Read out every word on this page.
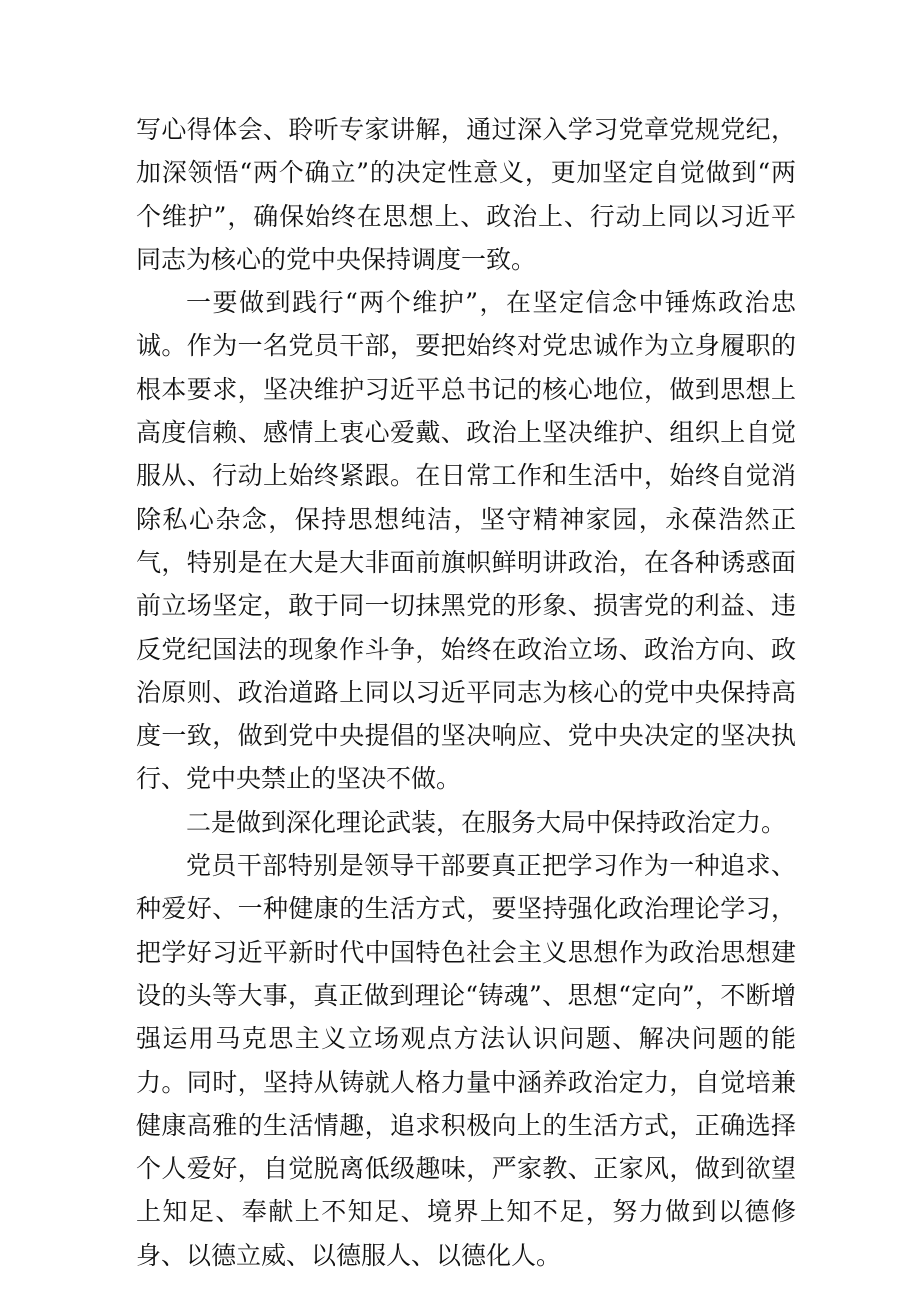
写心得体会、聆听专家讲解，通过深入学习党章党规党纪，加深领悟“两个确立”的决定性意义，更加坚定自觉做到“两个维护”，确保始终在思想上、政治上、行动上同以习近平同志为核心的党中央保持调度一致。

一要做到践行“两个维护”，在坚定信念中锤炼政治忠诚。作为一名党员干部，要把始终对党忠诚作为立身履职的根本要求，坚决维护习近平总书记的核心地位，做到思想上高度信赖、感情上衷心爱戴、政治上坚决维护、组织上自觉服从、行动上始终紧跟。在日常工作和生活中，始终自觉消除私心杂念，保持思想纯洁，坚守精神家园，永葆浩然正气，特别是在大是大非面前旗帜鲜明讲政治，在各种诱惑面前立场坚定，敢于同一切抹黑党的形象、损害党的利益、违反党纪国法的现象作斗争，始终在政治立场、政治方向、政治原则、政治道路上同以习近平同志为核心的党中央保持高度一致，做到党中央提倡的坚决响应、党中央决定的坚决执行、党中央禁止的坚决不做。

二是做到深化理论武装，在服务大局中保持政治定力。

党员干部特别是领导干部要真正把学习作为一种追求、种爱好、一种健康的生活方式，要坚持强化政治理论学习，把学好习近平新时代中国特色社会主义思想作为政治思想建设的头等大事，真正做到理论“铸魂”、思想“定向”，不断增强运用马克思主义立场观点方法认识问题、解决问题的能力。同时，坚持从铸就人格力量中涵养政治定力，自觉培兼健康高雅的生活情趣，追求积极向上的生活方式，正确选择个人爱好，自觉脱离低级趣味，严家教、正家风，做到欲望上知足、奉献上不知足、境界上知不足，努力做到以德修身、以德立威、以德服人、以德化人。
